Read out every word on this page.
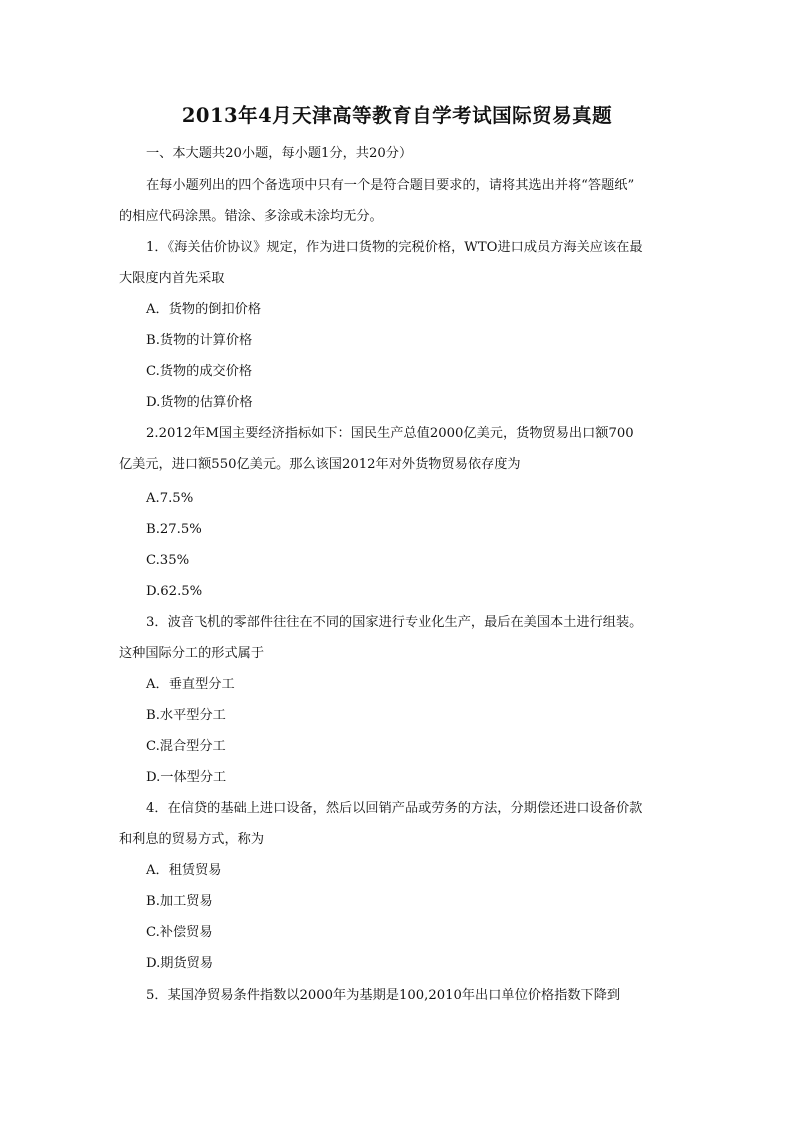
2013年4月天津高等教育自学考试国际贸易真题
一、本大题共20小题，每小题1分，共20分）
在每小题列出的四个备选项中只有一个是符合题目要求的，请将其选出并将“答题纸”
的相应代码涂黑。错涂、多涂或未涂均无分。
1．《海关估价协议》规定，作为进口货物的完税价格，WTO进口成员方海关应该在最
大限度内首先采取
A．货物的倒扣价格
B.货物的计算价格
C.货物的成交价格
D.货物的估算价格
2.2012年M国主要经济指标如下：国民生产总值2000亿美元，货物贸易出口额700
亿美元，进口额550亿美元。那么该国2012年对外货物贸易依存度为
A.7.5%
B.27.5%
C.35%
D.62.5%
3．波音飞机的零部件往往在不同的国家进行专业化生产，最后在美国本土进行组装。
这种国际分工的形式属于
A．垂直型分工
B.水平型分工
C.混合型分工
D.一体型分工
4．在信贷的基础上进口设备，然后以回销产品或劳务的方法，分期偿还进口设备价款
和利息的贸易方式，称为
A．租赁贸易
B.加工贸易
C.补偿贸易
D.期货贸易
5．某国净贸易条件指数以2000年为基期是100,2010年出口单位价格指数下降到
